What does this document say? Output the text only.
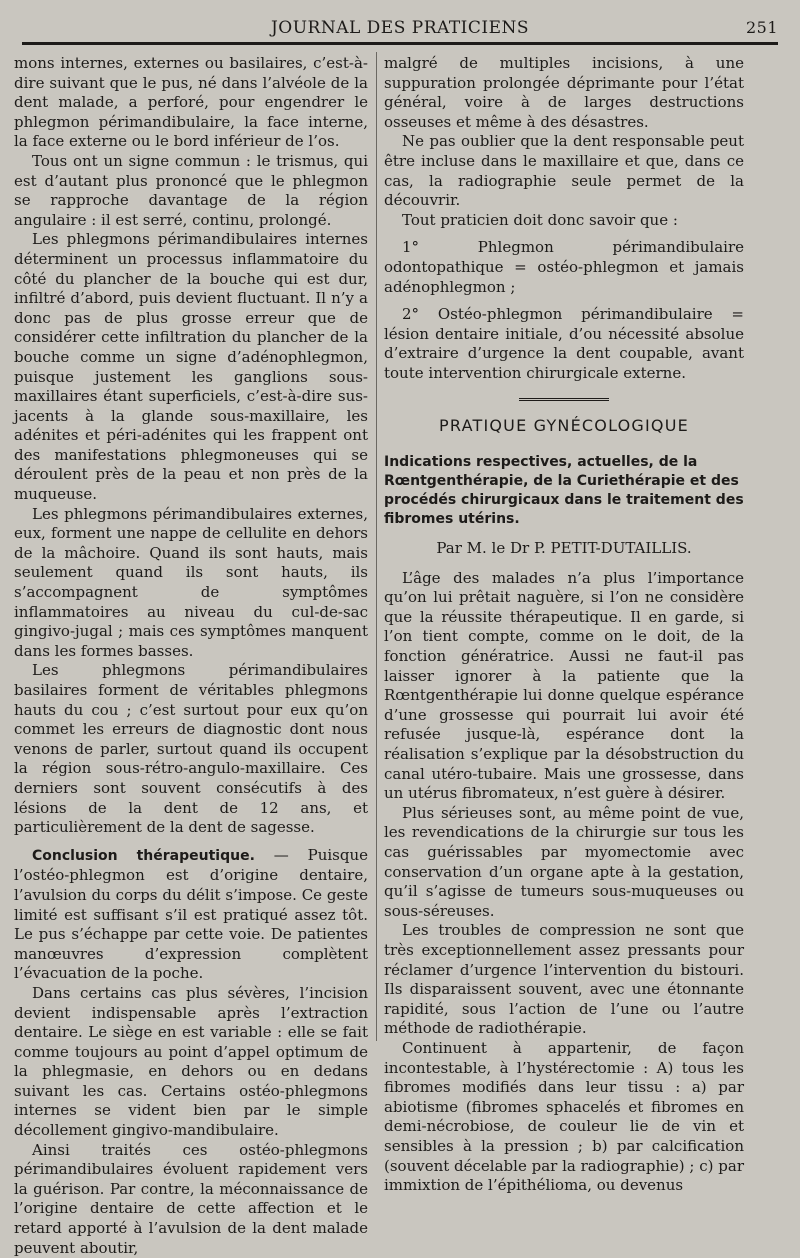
JOURNAL DES PRATICIENS	251

mons internes, externes ou basilaires, c’est-à-dire suivant que le pus, né dans l’alvéole de la dent malade, a perforé, pour engendrer le phlegmon périmandibulaire, la face interne, la face externe ou le bord inférieur de l’os.

Tous ont un signe commun : le trismus, qui est d’autant plus prononcé que le phlegmon se rapproche davantage de la région angulaire : il est serré, continu, prolongé.

Les phlegmons périmandibulaires internes déterminent un processus inflammatoire du côté du plancher de la bouche qui est dur, infiltré d’abord, puis devient fluctuant. Il n’y a donc pas de plus grosse erreur que de considérer cette infiltration du plancher de la bouche comme un signe d’adénophlegmon, puisque justement les ganglions sous-maxillaires étant superficiels, c’est-à-dire sus-jacents à la glande sous-maxillaire, les adénites et péri-adénites qui les frappent ont des manifestations phlegmoneuses qui se déroulent près de la peau et non près de la muqueuse.

Les phlegmons périmandibulaires externes, eux, forment une nappe de cellulite en dehors de la mâchoire. Quand ils sont hauts, mais seulement quand ils sont hauts, ils s’accompagnent de symptômes inflammatoires au niveau du cul-de-sac gingivo-jugal ; mais ces symptômes manquent dans les formes basses.

Les phlegmons périmandibulaires basilaires forment de véritables phlegmons hauts du cou ; c’est surtout pour eux qu’on commet les erreurs de diagnostic dont nous venons de parler, surtout quand ils occupent la région sous-rétro-angulo-maxillaire. Ces derniers sont souvent consécutifs à des lésions de la dent de 12 ans, et particulièrement de la dent de sagesse.

Conclusion thérapeutique. — Puisque l’ostéo-phlegmon est d’origine dentaire, l’avulsion du corps du délit s’impose. Ce geste limité est suffisant s’il est pratiqué assez tôt. Le pus s’échappe par cette voie. De patientes manœuvres d’expression complètent l’évacuation de la poche.

Dans certains cas plus sévères, l’incision devient indispensable après l’extraction dentaire. Le siège en est variable : elle se fait comme toujours au point d’appel optimum de la phlegmasie, en dehors ou en dedans suivant les cas. Certains ostéo-phlegmons internes se vident bien par le simple décollement gingivo-mandibulaire.

Ainsi traités ces ostéo-phlegmons périmandibulaires évoluent rapidement vers la guérison. Par contre, la méconnaissance de l’origine dentaire de cette affection et le retard apporté à l’avulsion de la dent malade peuvent aboutir,

malgré de multiples incisions, à une suppuration prolongée déprimante pour l’état général, voire à de larges destructions osseuses et même à des désastres.

Ne pas oublier que la dent responsable peut être incluse dans le maxillaire et que, dans ce cas, la radiographie seule permet de la découvrir.

Tout praticien doit donc savoir que :

1° Phlegmon périmandibulaire odontopathique = ostéo-phlegmon et jamais adénophlegmon ;

2° Ostéo-phlegmon périmandibulaire = lésion dentaire initiale, d’ou nécessité absolue d’extraire d’urgence la dent coupable, avant toute intervention chirurgicale externe.

PRATIQUE GYNÉCOLOGIQUE
Indications respectives, actuelles, de la Rœntgenthérapie, de la Curiethérapie et des procédés chirurgicaux dans le traitement des fibromes utérins.
Par M. le Dr P. PETIT-DUTAILLIS.

L’âge des malades n’a plus l’importance qu’on lui prêtait naguère, si l’on ne considère que la réussite thérapeutique. Il en garde, si l’on tient compte, comme on le doit, de la fonction génératrice. Aussi ne faut-il pas laisser ignorer à la patiente que la Rœntgenthérapie lui donne quelque espérance d’une grossesse qui pourrait lui avoir été refusée jusque-là, espérance dont la réalisation s’explique par la désobstruction du canal utéro-tubaire. Mais une grossesse, dans un utérus fibromateux, n’est guère à désirer.

Plus sérieuses sont, au même point de vue, les revendications de la chirurgie sur tous les cas guérissables par myomectomie avec conservation d’un organe apte à la gestation, qu’il s’agisse de tumeurs sous-muqueuses ou sous-séreuses.

Les troubles de compression ne sont que très exceptionnellement assez pressants pour réclamer d’urgence l’intervention du bistouri. Ils disparaissent souvent, avec une étonnante rapidité, sous l’action de l’une ou l’autre méthode de radiothérapie.

Continuent à appartenir, de façon incontestable, à l’hystérectomie : A) tous les fibromes modifiés dans leur tissu : a) par abiotisme (fibromes sphacelés et fibromes en demi-nécrobiose, de couleur lie de vin et sensibles à la pression ; b) par calcification (souvent décelable par la radiographie) ; c) par immixtion de l’épithélioma, ou devenus
